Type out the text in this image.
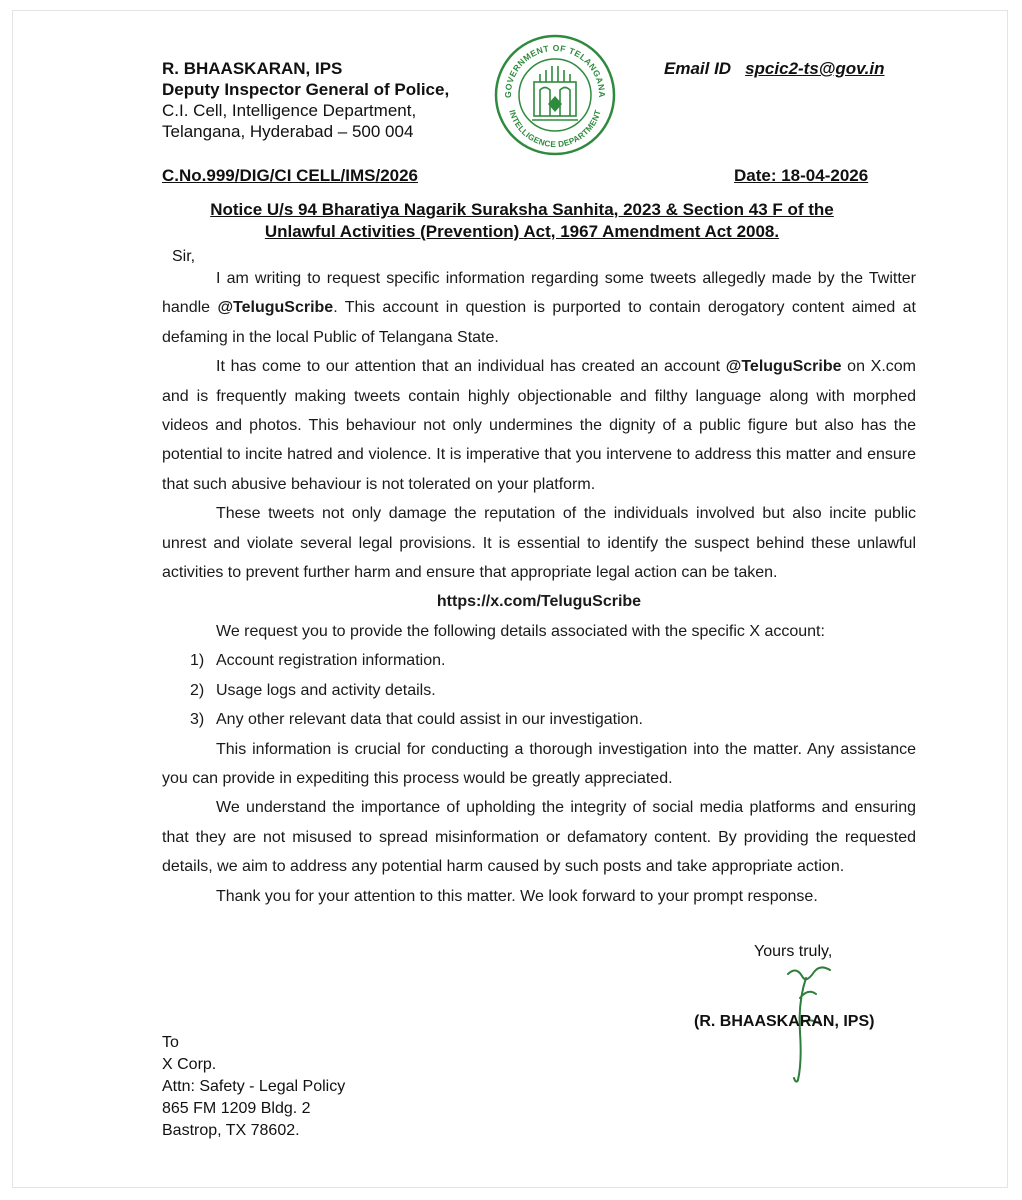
R. BHAASKARAN, IPS
Deputy Inspector General of Police,
C.I. Cell, Intelligence Department,
Telangana, Hyderabad – 500 004
GOVERNMENT OF TELANGANA
INTELLIGENCE DEPARTMENT
Email ID spcic2-ts@gov.in
C.No.999/DIG/CI CELL/IMS/2026	Date: 18-04-2026
Notice U/s 94 Bharatiya Nagarik Suraksha Sanhita, 2023 & Section 43 F of the
Unlawful Activities (Prevention) Act, 1967 Amendment Act 2008.
Sir,

I am writing to request specific information regarding some tweets allegedly made by the Twitter handle @TeluguScribe. This account in question is purported to contain derogatory content aimed at defaming in the local Public of Telangana State.

It has come to our attention that an individual has created an account @TeluguScribe on X.com and is frequently making tweets contain highly objectionable and filthy language along with morphed videos and photos. This behaviour not only undermines the dignity of a public figure but also has the potential to incite hatred and violence. It is imperative that you intervene to address this matter and ensure that such abusive behaviour is not tolerated on your platform.

These tweets not only damage the reputation of the individuals involved but also incite public unrest and violate several legal provisions. It is essential to identify the suspect behind these unlawful activities to prevent further harm and ensure that appropriate legal action can be taken.

https://x.com/TeluguScribe

We request you to provide the following details associated with the specific X account:

1) Account registration information.

2) Usage logs and activity details.

3) Any other relevant data that could assist in our investigation.

This information is crucial for conducting a thorough investigation into the matter. Any assistance you can provide in expediting this process would be greatly appreciated.

We understand the importance of upholding the integrity of social media platforms and ensuring that they are not misused to spread misinformation or defamatory content. By providing the requested details, we aim to address any potential harm caused by such posts and take appropriate action.

Thank you for your attention to this matter. We look forward to your prompt response.

Yours truly,
(R. BHAASKARAN, IPS)
To
X Corp.
Attn: Safety - Legal Policy
865 FM 1209 Bldg. 2
Bastrop, TX 78602.
